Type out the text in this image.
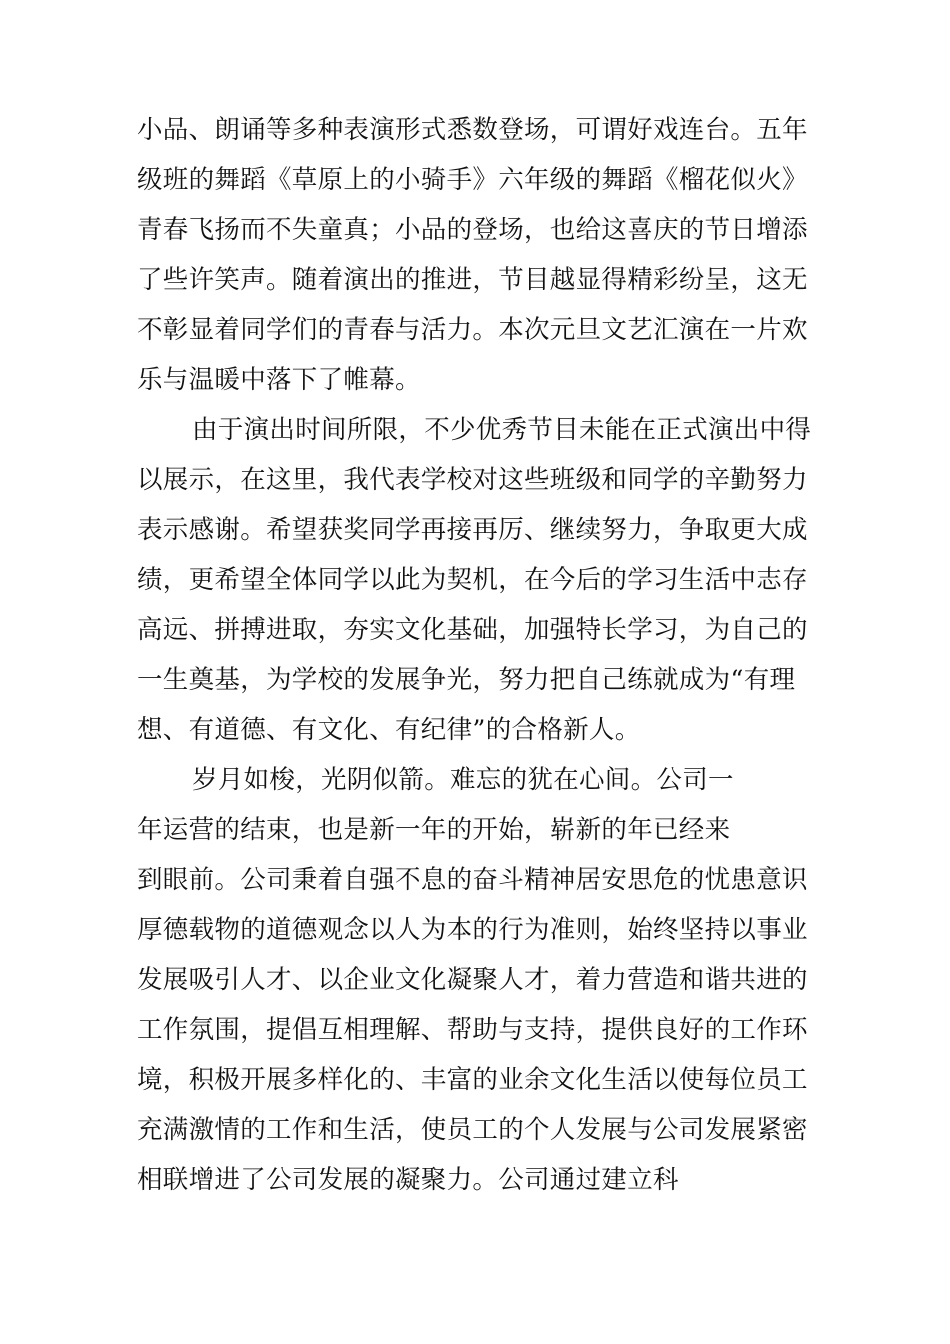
小品、朗诵等多种表演形式悉数登场，可谓好戏连台。五年
级班的舞蹈《草原上的小骑手》六年级的舞蹈《榴花似火》
青春飞扬而不失童真；小品的登场，也给这喜庆的节日增添
了些许笑声。随着演出的推进，节目越显得精彩纷呈，这无
不彰显着同学们的青春与活力。本次元旦文艺汇演在一片欢
乐与温暖中落下了帷幕。
由于演出时间所限，不少优秀节目未能在正式演出中得
以展示，在这里，我代表学校对这些班级和同学的辛勤努力
表示感谢。希望获奖同学再接再厉、继续努力，争取更大成
绩，更希望全体同学以此为契机，在今后的学习生活中志存
高远、拼搏进取，夯实文化基础，加强特长学习，为自己的
一生奠基，为学校的发展争光，努力把自己练就成为“有理
想、有道德、有文化、有纪律”的合格新人。
岁月如梭，光阴似箭。难忘的犹在心间。公司一
年运营的结束，也是新一年的开始，崭新的年已经来
到眼前。公司秉着自强不息的奋斗精神居安思危的忧患意识
厚德载物的道德观念以人为本的行为准则，始终坚持以事业
发展吸引人才、以企业文化凝聚人才，着力营造和谐共进的
工作氛围，提倡互相理解、帮助与支持，提供良好的工作环
境，积极开展多样化的、丰富的业余文化生活以使每位员工
充满激情的工作和生活，使员工的个人发展与公司发展紧密
相联增进了公司发展的凝聚力。公司通过建立科
